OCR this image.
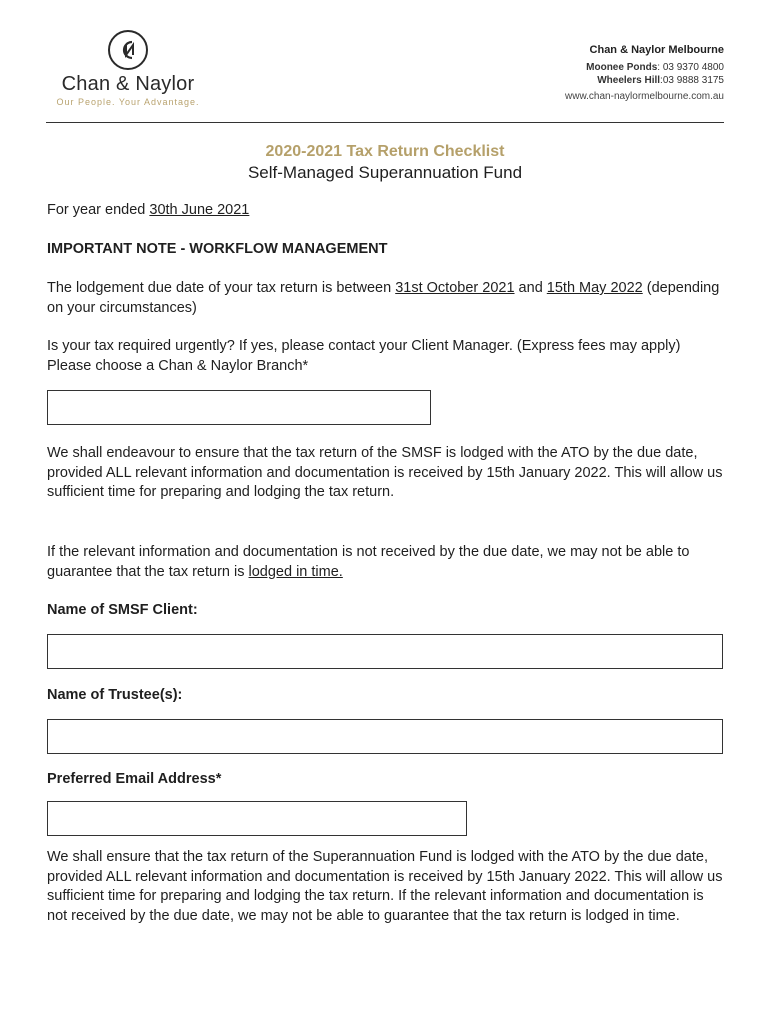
Chan & Naylor
Our People. Your Advantage.
Chan & Naylor Melbourne
Moonee Ponds: 03 9370 4800
Wheelers Hill:03 9888 3175
www.chan-naylormelbourne.com.au
2020-2021 Tax Return Checklist
Self-Managed Superannuation Fund
For year ended 30th June 2021
IMPORTANT NOTE - WORKFLOW MANAGEMENT
The lodgement due date of your tax return is between 31st October 2021 and 15th May 2022 (depending on your circumstances)
Is your tax required urgently? If yes, please contact your Client Manager. (Express fees may apply) Please choose a Chan & Naylor Branch*
We shall endeavour to ensure that the tax return of the SMSF is lodged with the ATO by the due date, provided ALL relevant information and documentation is received by 15th January 2022. This will allow us sufficient time for preparing and lodging the tax return.
If the relevant information and documentation is not received by the due date, we may not be able to guarantee that the tax return is lodged in time.
Name of SMSF Client:
Name of Trustee(s):
Preferred Email Address*
We shall ensure that the tax return of the Superannuation Fund is lodged with the ATO by the due date, provided ALL relevant information and documentation is received by 15th January 2022. This will allow us sufficient time for preparing and lodging the tax return. If the relevant information and documentation is not received by the due date, we may not be able to guarantee that the tax return is lodged in time.
